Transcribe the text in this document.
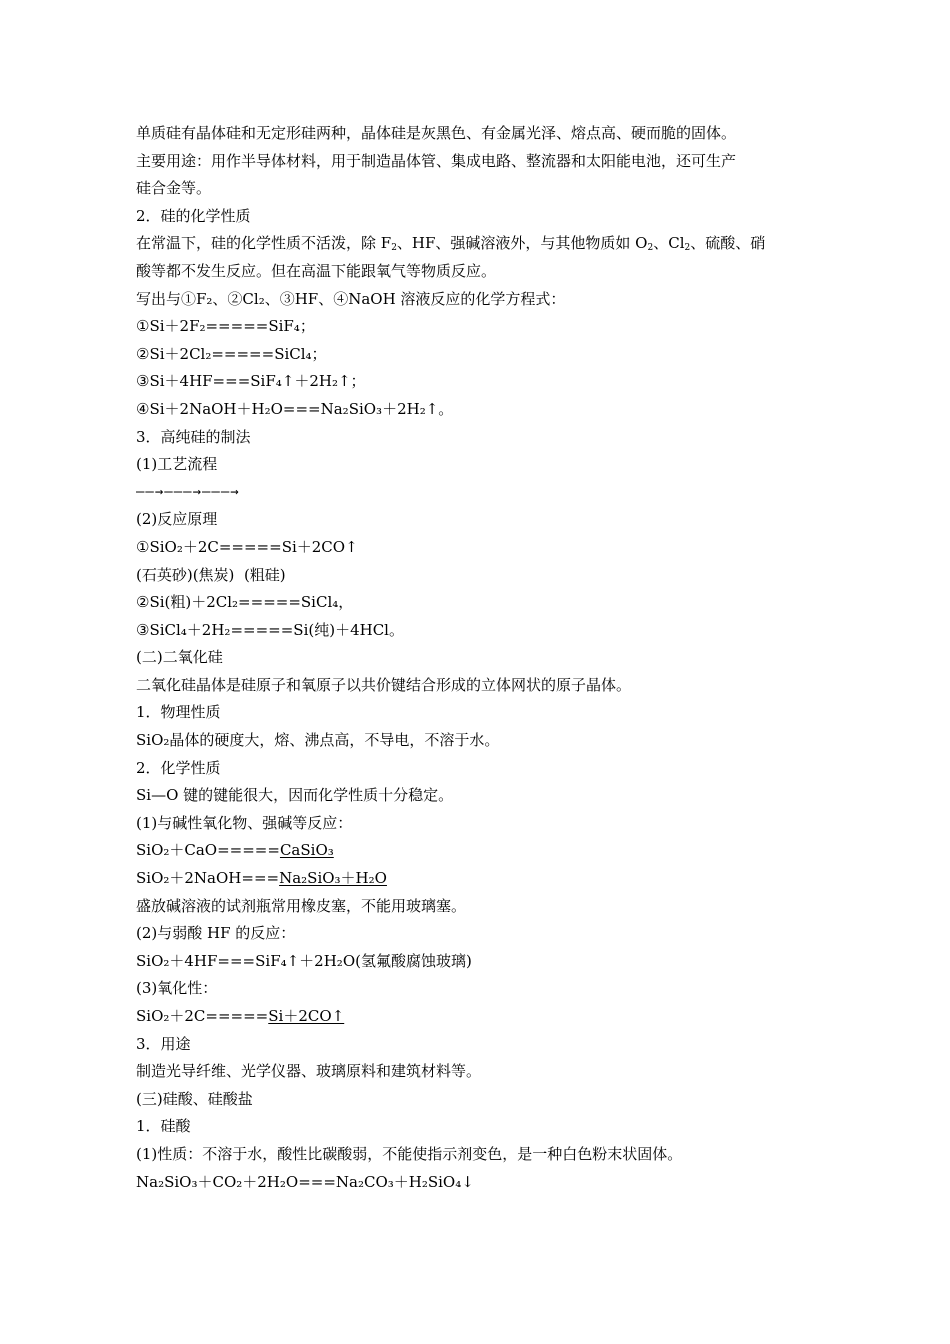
单质硅有晶体硅和无定形硅两种，晶体硅是灰黑色、有金属光泽、熔点高、硬而脆的固体。
主要用途：用作半导体材料，用于制造晶体管、集成电路、整流器和太阳能电池，还可生产
硅合金等。
2．硅的化学性质
在常温下，硅的化学性质不活泼，除 $F_2$、HF、强碱溶液外，与其他物质如 $O_2$、$Cl_2$、硫酸、硝
酸等都不发生反应。但在高温下能跟氧气等物质反应。
写出与①F₂、②Cl₂、③HF、④NaOH 溶液反应的化学方程式：
①Si＋2F₂=====SiF₄；
②Si＋2Cl₂=====SiCl₄；
③Si＋4HF===SiF₄↑＋2H₂↑；
④Si＋2NaOH＋H₂O===Na₂SiO₃＋2H₂↑。
3．高纯硅的制法
(1)工艺流程
——→———→———→
(2)反应原理
①SiO₂＋2C=====Si＋2CO↑
(石英砂)(焦炭)  (粗硅)
②Si(粗)＋2Cl₂=====SiCl₄，
③SiCl₄＋2H₂=====Si(纯)＋4HCl。
(二)二氧化硅
二氧化硅晶体是硅原子和氧原子以共价键结合形成的立体网状的原子晶体。
1．物理性质
SiO₂晶体的硬度大，熔、沸点高，不导电，不溶于水。
2．化学性质
Si—O 键的键能很大，因而化学性质十分稳定。
(1)与碱性氧化物、强碱等反应：
SiO₂＋CaO=====CaSiO₃
SiO₂＋2NaOH===Na₂SiO₃＋H₂O
盛放碱溶液的试剂瓶常用橡皮塞，不能用玻璃塞。
(2)与弱酸 HF 的反应：
SiO₂＋4HF===SiF₄↑＋2H₂O(氢氟酸腐蚀玻璃)
(3)氧化性：
SiO₂＋2C=====Si＋2CO↑
3．用途
制造光导纤维、光学仪器、玻璃原料和建筑材料等。
(三)硅酸、硅酸盐
1．硅酸
(1)性质：不溶于水，酸性比碳酸弱，不能使指示剂变色，是一种白色粉末状固体。
Na₂SiO₃＋CO₂＋2H₂O===Na₂CO₃＋H₂SiO₄↓
